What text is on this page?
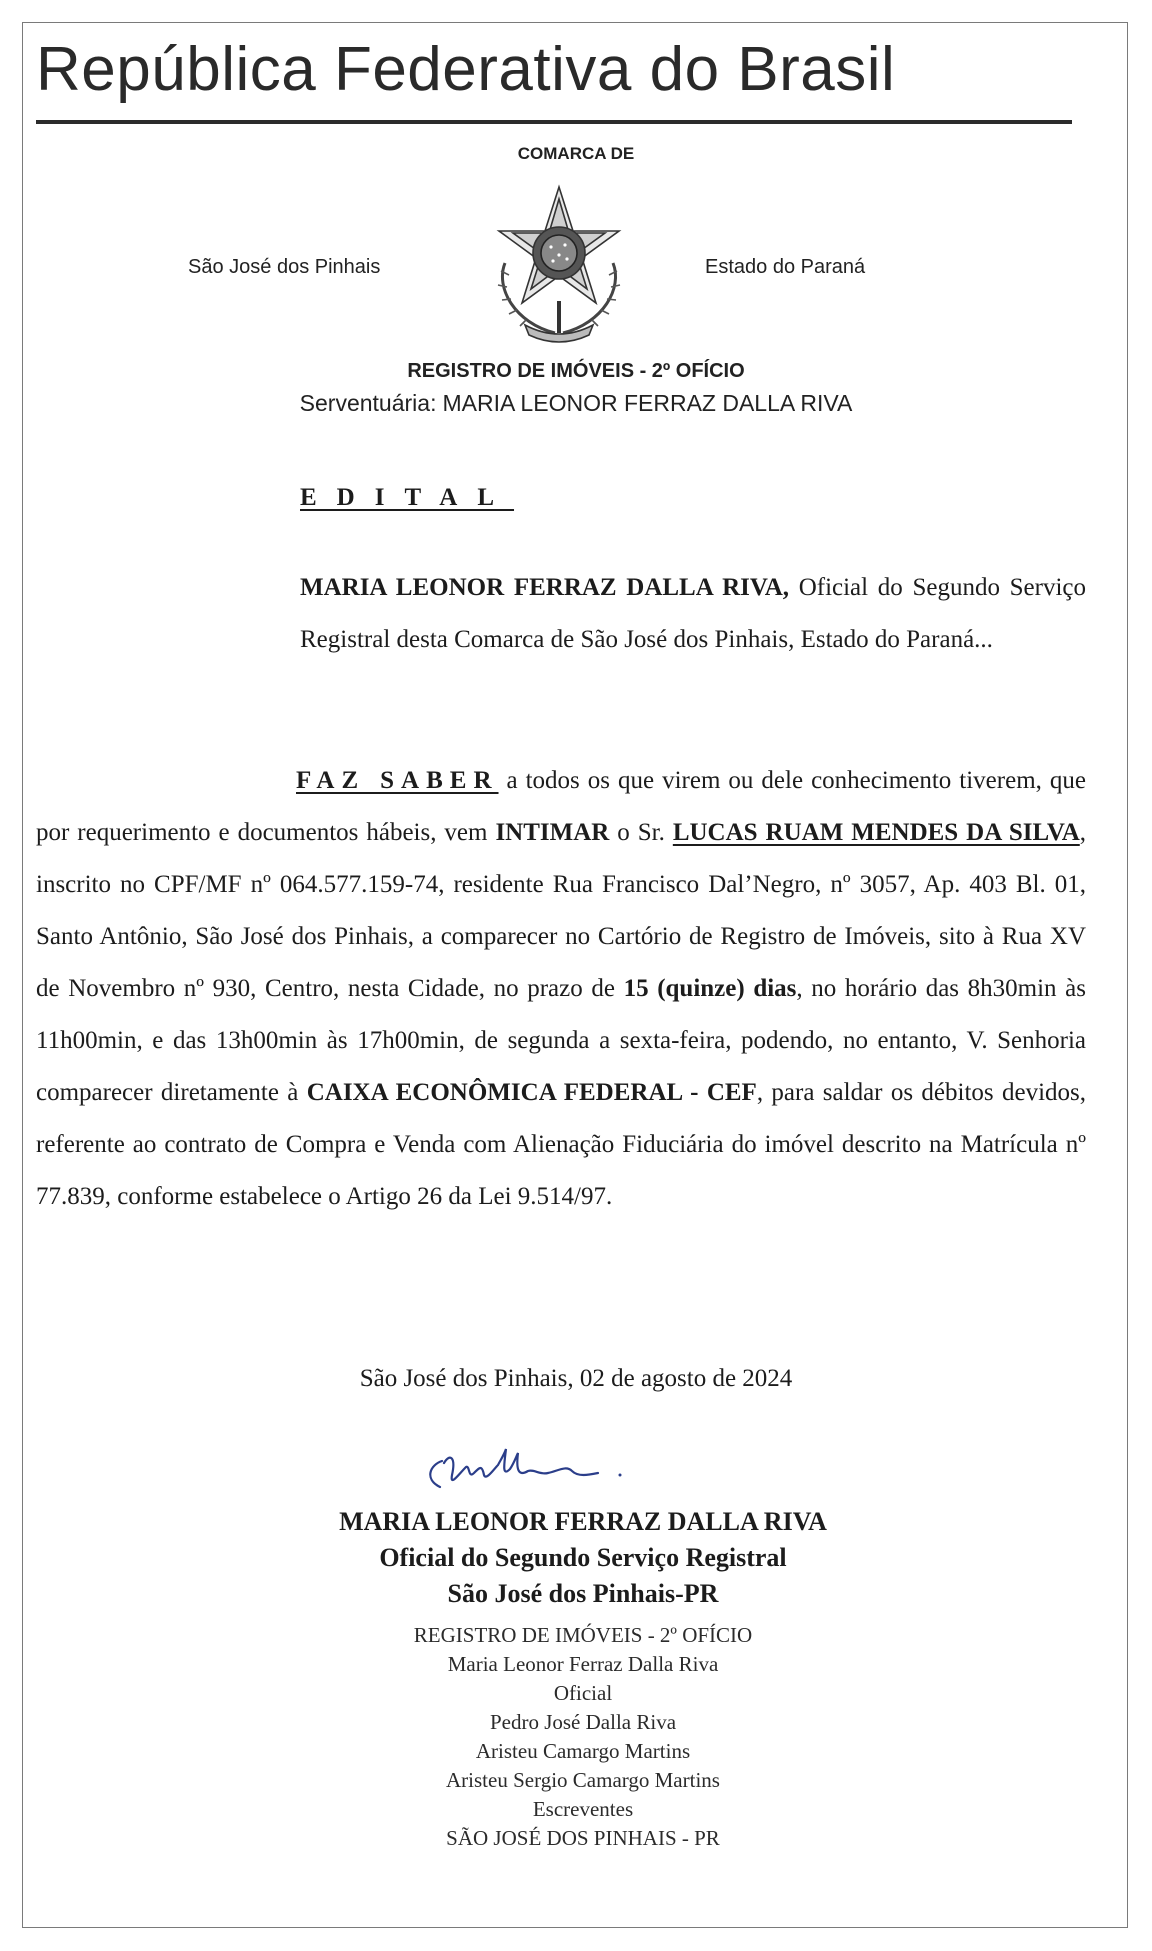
República Federativa do Brasil
COMARCA DE
São José dos Pinhais	Estado do Paraná
REGISTRO DE IMÓVEIS - 2º OFÍCIO
Serventuária: MARIA LEONOR FERRAZ DALLA RIVA
EDITAL
MARIA LEONOR FERRAZ DALLA RIVA, Oficial do Segundo Serviço Registral desta Comarca de São José dos Pinhais, Estado do Paraná...
FAZ SABER a todos os que virem ou dele conhecimento tiverem, que por requerimento e documentos hábeis, vem INTIMAR o Sr. LUCAS RUAM MENDES DA SILVA, inscrito no CPF/MF nº 064.577.159-74, residente Rua Francisco Dal’Negro, nº 3057, Ap. 403 Bl. 01, Santo Antônio, São José dos Pinhais, a comparecer no Cartório de Registro de Imóveis, sito à Rua XV de Novembro nº 930, Centro, nesta Cidade, no prazo de 15 (quinze) dias, no horário das 8h30min às 11h00min, e das 13h00min às 17h00min, de segunda a sexta-feira, podendo, no entanto, V. Senhoria comparecer diretamente à CAIXA ECONÔMICA FEDERAL - CEF, para saldar os débitos devidos, referente ao contrato de Compra e Venda com Alienação Fiduciária do imóvel descrito na Matrícula nº 77.839, conforme estabelece o Artigo 26 da Lei 9.514/97.
São José dos Pinhais, 02 de agosto de 2024
MARIA LEONOR FERRAZ DALLA RIVA
Oficial do Segundo Serviço Registral
São José dos Pinhais-PR
REGISTRO DE IMÓVEIS - 2º OFÍCIO
Maria Leonor Ferraz Dalla Riva
Oficial
Pedro José Dalla Riva
Aristeu Camargo Martins
Aristeu Sergio Camargo Martins
Escreventes
SÃO JOSÉ DOS PINHAIS - PR
